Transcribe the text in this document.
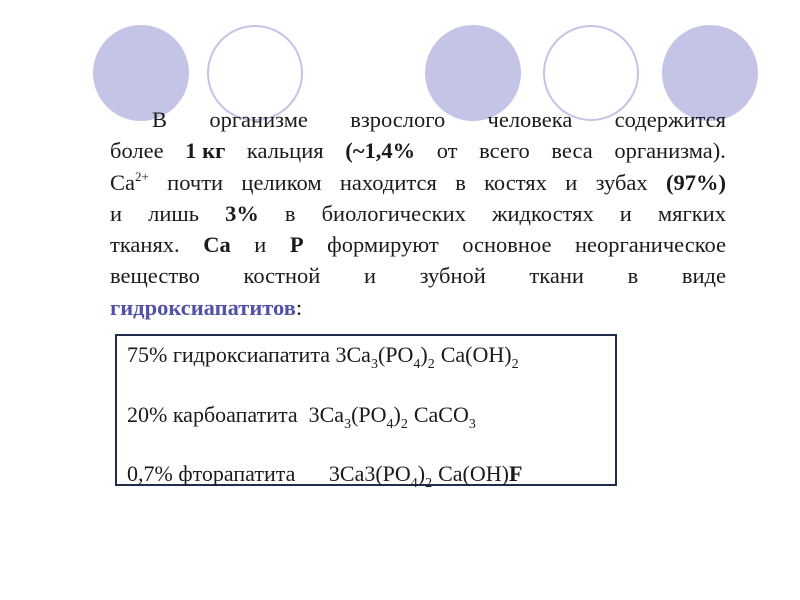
В организме взрослого человека содержится
более 1 кг кальция (~1,4% от всего веса организма).
$Ca^{2+}$ почти целиком находится в костях и зубах (97%)
и лишь 3% в биологических жидкостях и мягких
тканях. Са и Р формируют основное неорганическое
вещество костной и зубной ткани в виде
гидроксиапатитов :
75% гидроксиапатита $3Ca_3(PO_4)_2$ $Ca(OH)_2$
20% карбоапатита $3Ca_3(PO_4)_2$ CaCO$_3$
0,7% фторапатита $3Ca3(PO_4)_2$ Ca(OH)F
